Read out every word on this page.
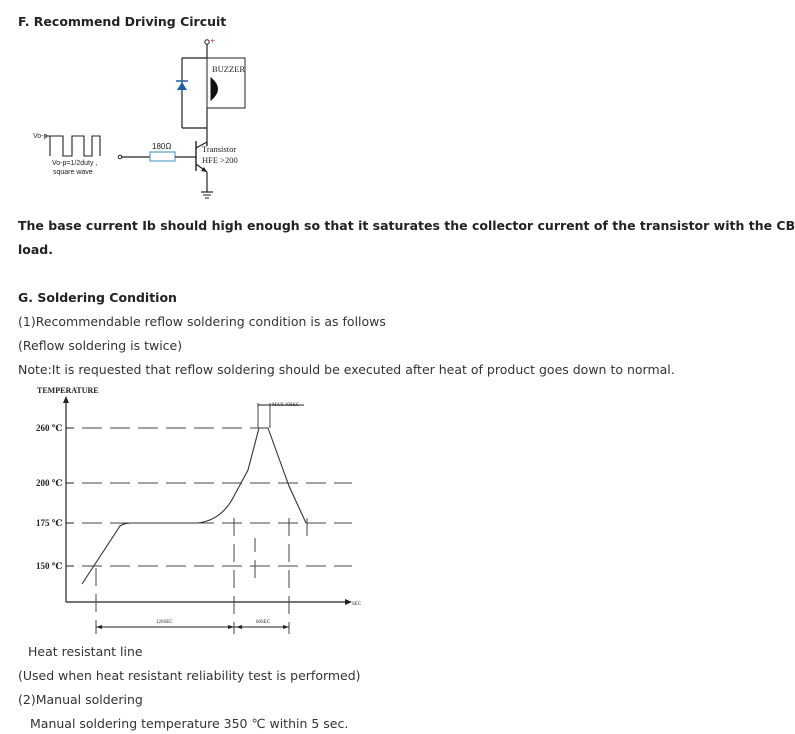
F. Recommend Driving Circuit
+
BUZZER
Transistor
HFE >200
180Ω
Vo-p
Vo-p=1/2duty ,
square wave
The base current Ib should high enough so that it saturates the collector current of the transistor with the CB
load.
G. Soldering Condition
(1)Recommendable reflow soldering condition is as follows
(Reflow soldering is twice)
Note:It is requested that reflow soldering should be executed after heat of product goes down to normal.
TEMPERATURE
SEC
260 ℃
200 ℃
175 ℃
150 ℃
MAX 10SEC
120SEC	60SEC
Heat resistant line
(Used when heat resistant reliability test is performed)
(2)Manual soldering
Manual soldering temperature 350 ℃ within 5 sec.
